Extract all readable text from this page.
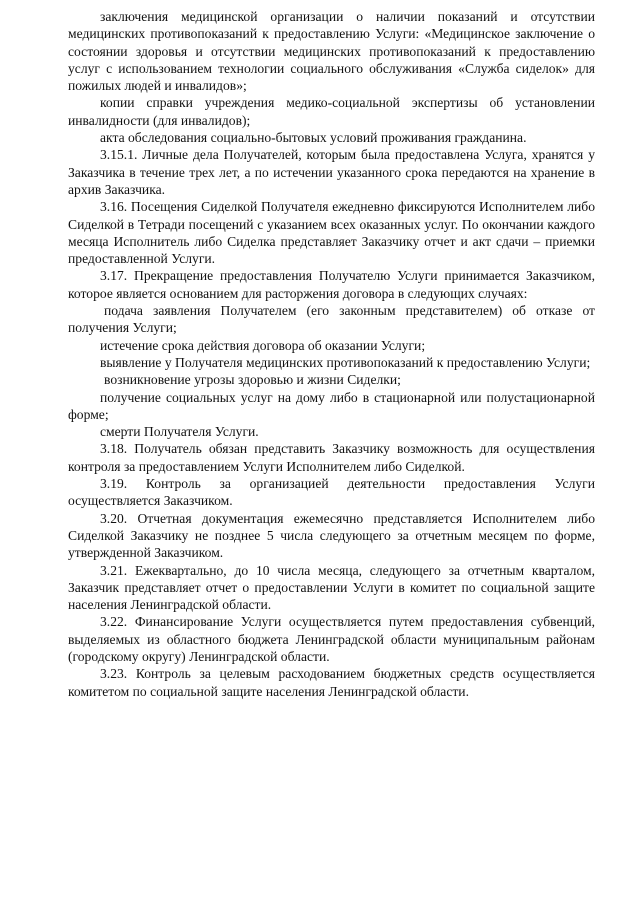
заключения медицинской организации о наличии показаний и отсутствии медицинских противопоказаний к предоставлению Услуги: «Медицинское заключение о состоянии здоровья и отсутствии медицинских противопоказаний к предоставлению услуг с использованием технологии социального обслуживания «Служба сиделок» для пожилых людей и инвалидов»;

копии справки учреждения медико-социальной экспертизы об установлении инвалидности (для инвалидов);

акта обследования социально-бытовых условий проживания гражданина.

3.15.1. Личные дела Получателей, которым была предоставлена Услуга, хранятся у Заказчика в течение трех лет, а по истечении указанного срока передаются на хранение в архив Заказчика.

3.16. Посещения Сиделкой Получателя ежедневно фиксируются Исполнителем либо Сиделкой в Тетради посещений с указанием всех оказанных услуг. По окончании каждого месяца Исполнитель либо Сиделка представляет Заказчику отчет и акт сдачи – приемки предоставленной Услуги.

3.17. Прекращение предоставления Получателю Услуги принимается Заказчиком, которое является основанием для расторжения договора в следующих случаях:

подача заявления Получателем (его законным представителем) об отказе от получения Услуги;

истечение срока действия договора об оказании Услуги;

выявление у Получателя медицинских противопоказаний к предоставлению Услуги;

возникновение угрозы здоровью и жизни Сиделки;

получение социальных услуг на дому либо в стационарной или полустационарной форме;

смерти Получателя Услуги.

3.18. Получатель обязан представить Заказчику возможность для осуществления контроля за предоставлением Услуги Исполнителем либо Сиделкой.

3.19. Контроль за организацией деятельности предоставления Услуги осуществляется Заказчиком.

3.20. Отчетная документация ежемесячно представляется Исполнителем либо Сиделкой Заказчику не позднее 5 числа следующего за отчетным месяцем по форме, утвержденной Заказчиком.

3.21. Ежеквартально, до 10 числа месяца, следующего за отчетным кварталом, Заказчик представляет отчет о предоставлении Услуги в комитет по социальной защите населения Ленинградской области.

3.22. Финансирование Услуги осуществляется путем предоставления субвенций, выделяемых из областного бюджета Ленинградской области муниципальным районам (городскому округу) Ленинградской области.

3.23. Контроль за целевым расходованием бюджетных средств осуществляется комитетом по социальной защите населения Ленинградской области.
